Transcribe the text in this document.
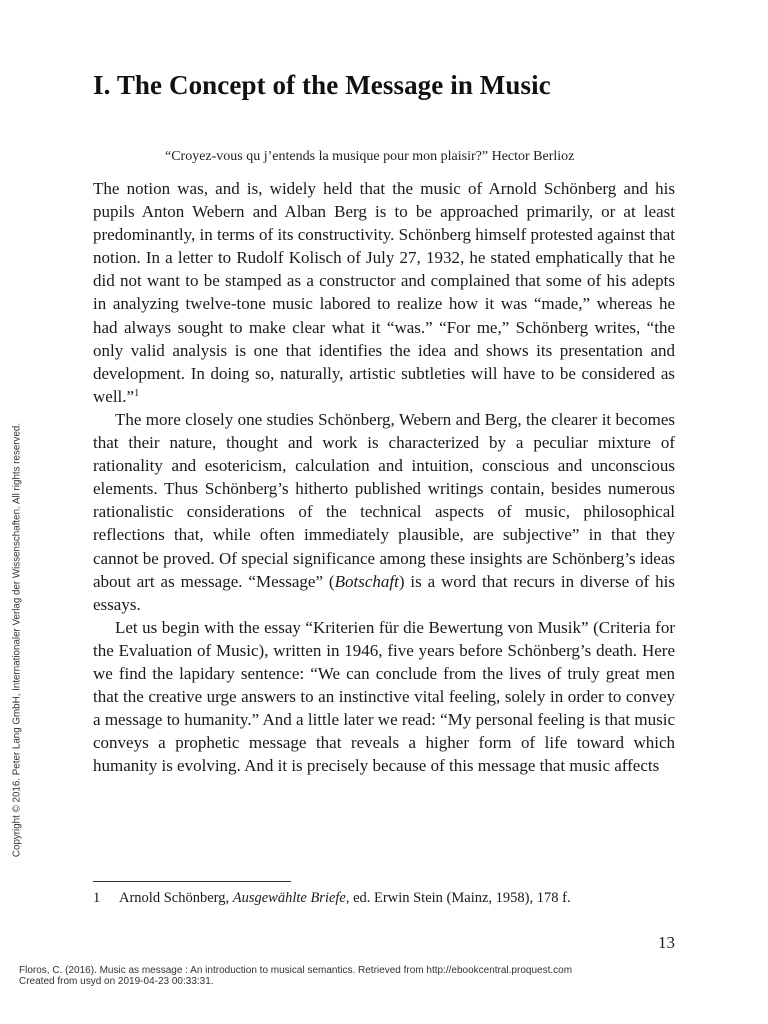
I. The Concept of the Message in Music
“Croyez-vous qu j’entends la musique pour mon plaisir?” Hector Berlioz

The notion was, and is, widely held that the music of Arnold Schönberg and his pupils Anton Webern and Alban Berg is to be approached primarily, or at least predominantly, in terms of its constructivity. Schönberg himself protested against that notion. In a letter to Rudolf Kolisch of July 27, 1932, he stated emphatically that he did not want to be stamped as a constructor and complained that some of his adepts in analyzing twelve-tone music labored to realize how it was “made,” whereas he had always sought to make clear what it “was.” “For me,” Schönberg writes, “the only valid analysis is one that identifies the idea and shows its presentation and development. In doing so, naturally, artistic subtleties will have to be considered as well.”$^1$

The more closely one studies Schönberg, Webern and Berg, the clearer it becomes that their nature, thought and work is characterized by a peculiar mixture of rationality and esotericism, calculation and intuition, conscious and unconscious elements. Thus Schönberg’s hitherto published writings contain, besides numerous rationalistic considerations of the technical aspects of music, philosophical reflections that, while often immediately plausible, are subjective” in that they cannot be proved. Of special significance among these insights are Schönberg’s ideas about art as message. “Message” (Botschaft) is a word that recurs in diverse of his essays.

Let us begin with the essay “Kriterien für die Bewertung von Musik” (Criteria for the Evaluation of Music), written in 1946, five years before Schönberg’s death. Here we find the lapidary sentence: “We can conclude from the lives of truly great men that the creative urge answers to an instinctive vital feeling, solely in order to convey a message to humanity.” And a little later we read: “My personal feeling is that music conveys a prophetic message that reveals a higher form of life toward which humanity is evolving. And it is precisely because of this message that music affects

1 Arnold Schönberg, Ausgewählte Briefe, ed. Erwin Stein (Mainz, 1958), 178 f.
13
Copyright © 2016. Peter Lang GmbH, Internationaler Verlag der Wissenschaften. All rights reserved.
Floros, C. (2016). Music as message : An introduction to musical semantics. Retrieved from http://ebookcentral.proquest.com
Created from usyd on 2019-04-23 00:33:31.
